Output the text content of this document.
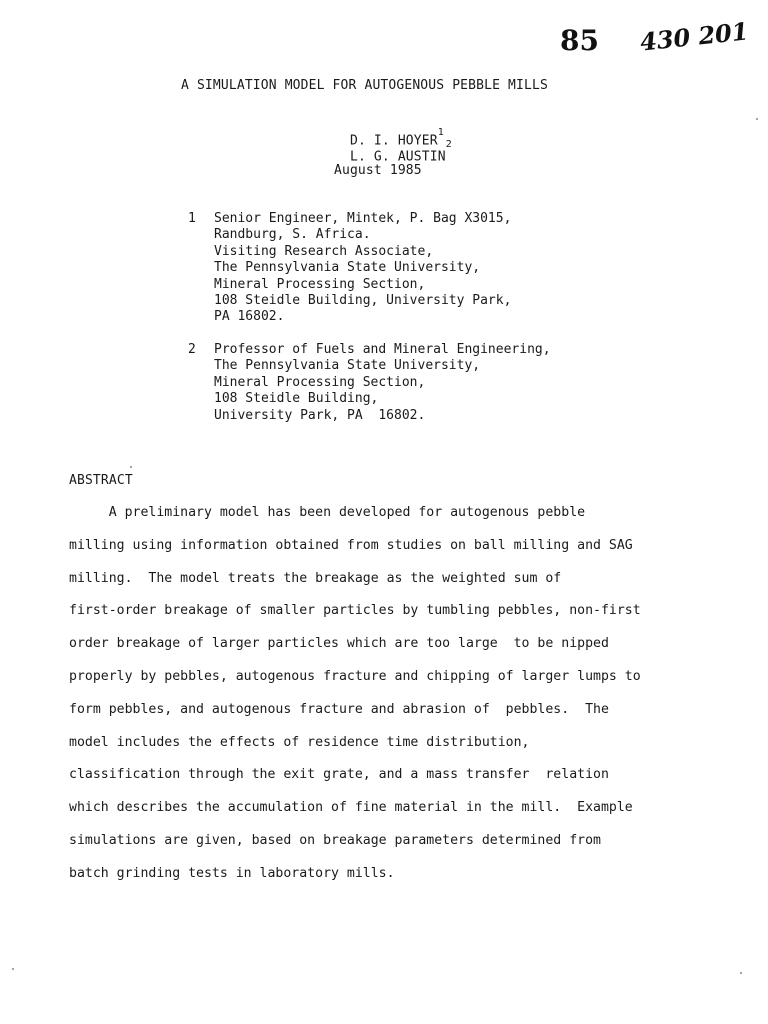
85 430 201
A SIMULATION MODEL FOR AUTOGENOUS PEBBLE MILLS

D. I. HOYER$^1$

L. G. AUSTIN$^2$

August 1985
1 Senior Engineer, Mintek, P. Bag X3015,
Randburg, S. Africa.
Visiting Research Associate,
The Pennsylvania State University,
Mineral Processing Section,
108 Steidle Building, University Park,
PA 16802.
2 Professor of Fuels and Mineral Engineering,
The Pennsylvania State University,
Mineral Processing Section,
108 Steidle Building,
University Park, PA  16802.
ABSTRACT
A preliminary model has been developed for autogenous pebble
milling using information obtained from studies on ball milling and SAG
milling.  The model treats the breakage as the weighted sum of
first-order breakage of smaller particles by tumbling pebbles, non-first
order breakage of larger particles which are too large  to be nipped
properly by pebbles, autogenous fracture and chipping of larger lumps to
form pebbles, and autogenous fracture and abrasion of  pebbles.  The
model includes the effects of residence time distribution,
classification through the exit grate, and a mass transfer  relation
which describes the accumulation of fine material in the mill.  Example
simulations are given, based on breakage parameters determined from
batch grinding tests in laboratory mills.
